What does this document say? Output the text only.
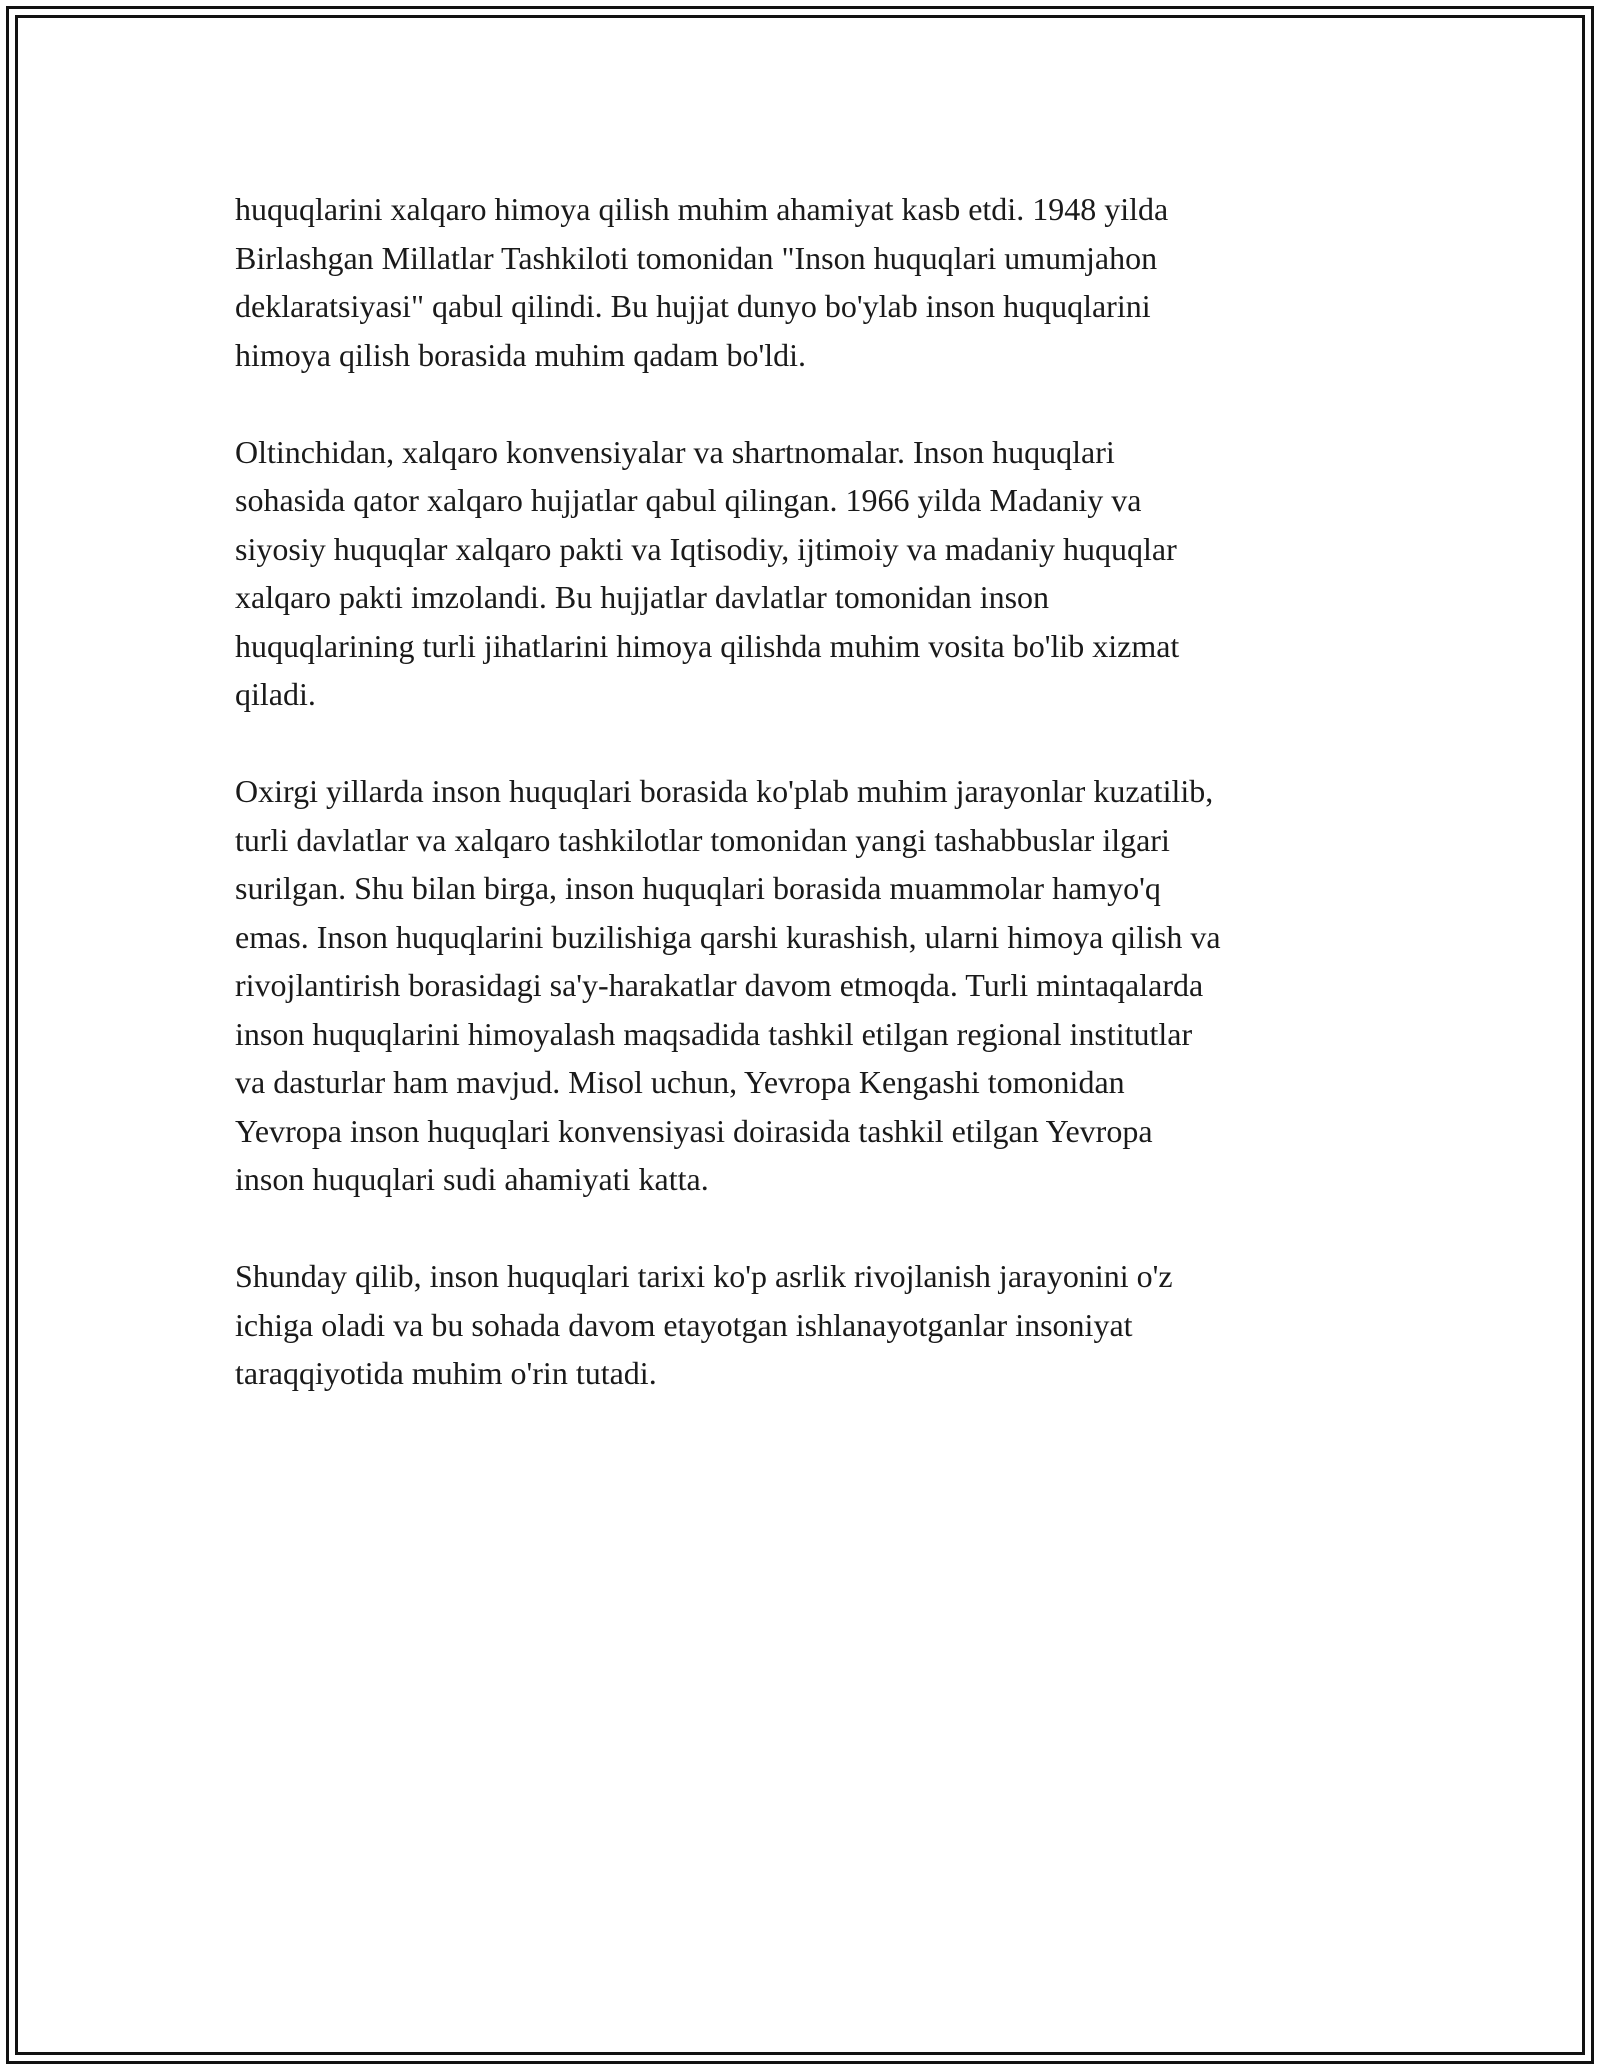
huquqlarini xalqaro himoya qilish muhim ahamiyat kasb etdi. 1948 yilda
Birlashgan Millatlar Tashkiloti tomonidan "Inson huquqlari umumjahon
deklaratsiyasi" qabul qilindi. Bu hujjat dunyo bo'ylab inson huquqlarini
himoya qilish borasida muhim qadam bo'ldi.

Oltinchidan, xalqaro konvensiyalar va shartnomalar. Inson huquqlari
sohasida qator xalqaro hujjatlar qabul qilingan. 1966 yilda Madaniy va
siyosiy huquqlar xalqaro pakti va Iqtisodiy, ijtimoiy va madaniy huquqlar
xalqaro pakti imzolandi. Bu hujjatlar davlatlar tomonidan inson
huquqlarining turli jihatlarini himoya qilishda muhim vosita bo'lib xizmat
qiladi.

Oxirgi yillarda inson huquqlari borasida ko'plab muhim jarayonlar kuzatilib,
turli davlatlar va xalqaro tashkilotlar tomonidan yangi tashabbuslar ilgari
surilgan. Shu bilan birga, inson huquqlari borasida muammolar hamyo'q
emas. Inson huquqlarini buzilishiga qarshi kurashish, ularni himoya qilish va
rivojlantirish borasidagi sa'y-harakatlar davom etmoqda. Turli mintaqalarda
inson huquqlarini himoyalash maqsadida tashkil etilgan regional institutlar
va dasturlar ham mavjud. Misol uchun, Yevropa Kengashi tomonidan
Yevropa inson huquqlari konvensiyasi doirasida tashkil etilgan Yevropa
inson huquqlari sudi ahamiyati katta.

Shunday qilib, inson huquqlari tarixi ko'p asrlik rivojlanish jarayonini o'z
ichiga oladi va bu sohada davom etayotgan ishlanayotganlar insoniyat
taraqqiyotida muhim o'rin tutadi.
